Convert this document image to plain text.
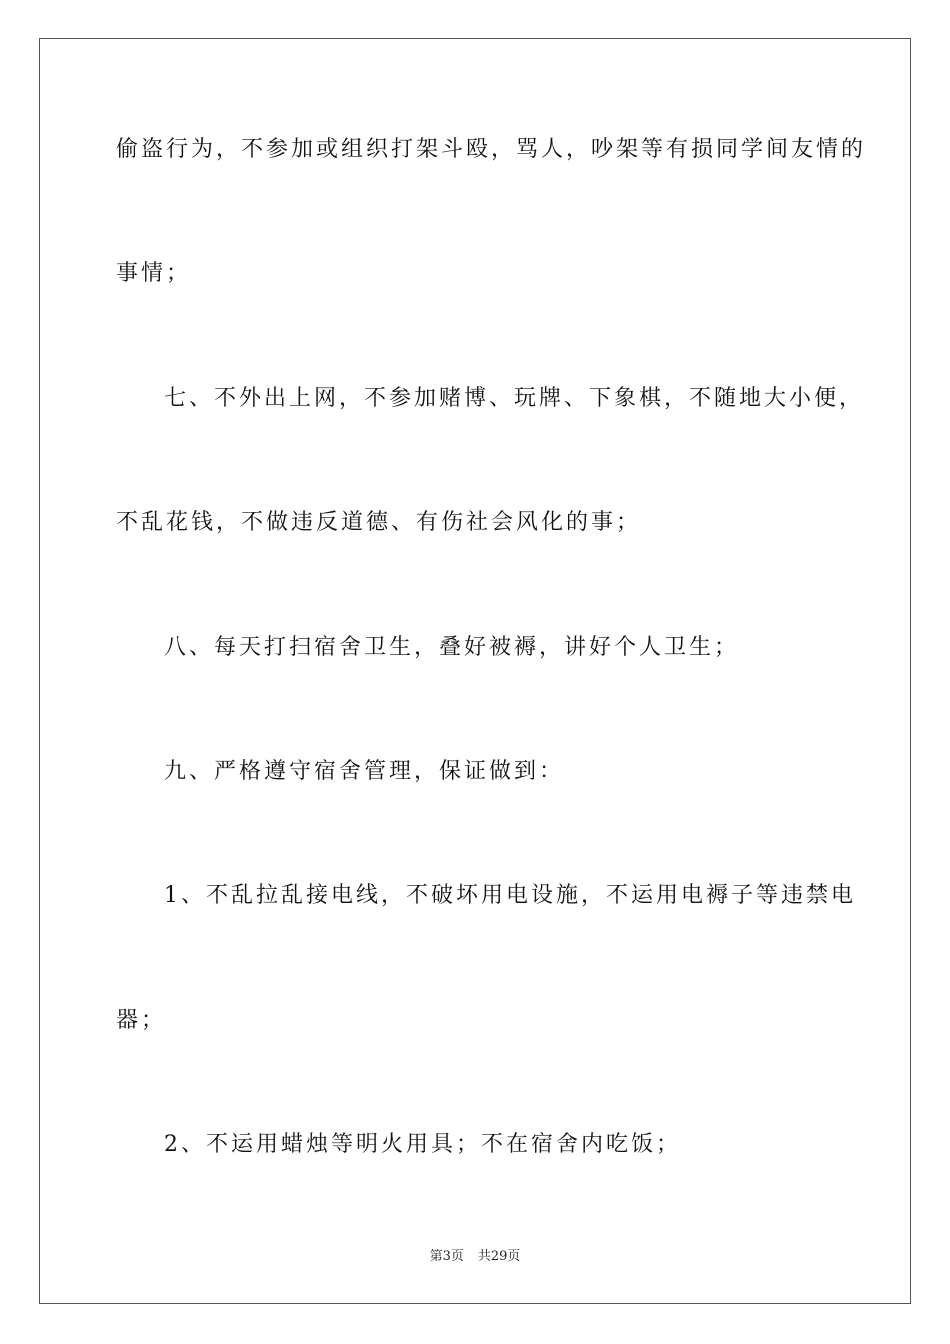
偷盗行为，不参加或组织打架斗殴，骂人，吵架等有损同学间友情的
事情；
七、不外出上网，不参加赌博、玩牌、下象棋，不随地大小便，
不乱花钱，不做违反道德、有伤社会风化的事；
八、每天打扫宿舍卫生，叠好被褥，讲好个人卫生；
九、严格遵守宿舍管理，保证做到：
1、不乱拉乱接电线，不破坏用电设施，不运用电褥子等违禁电
器；
2、不运用蜡烛等明火用具；不在宿舍内吃饭；
第3页 共29页
